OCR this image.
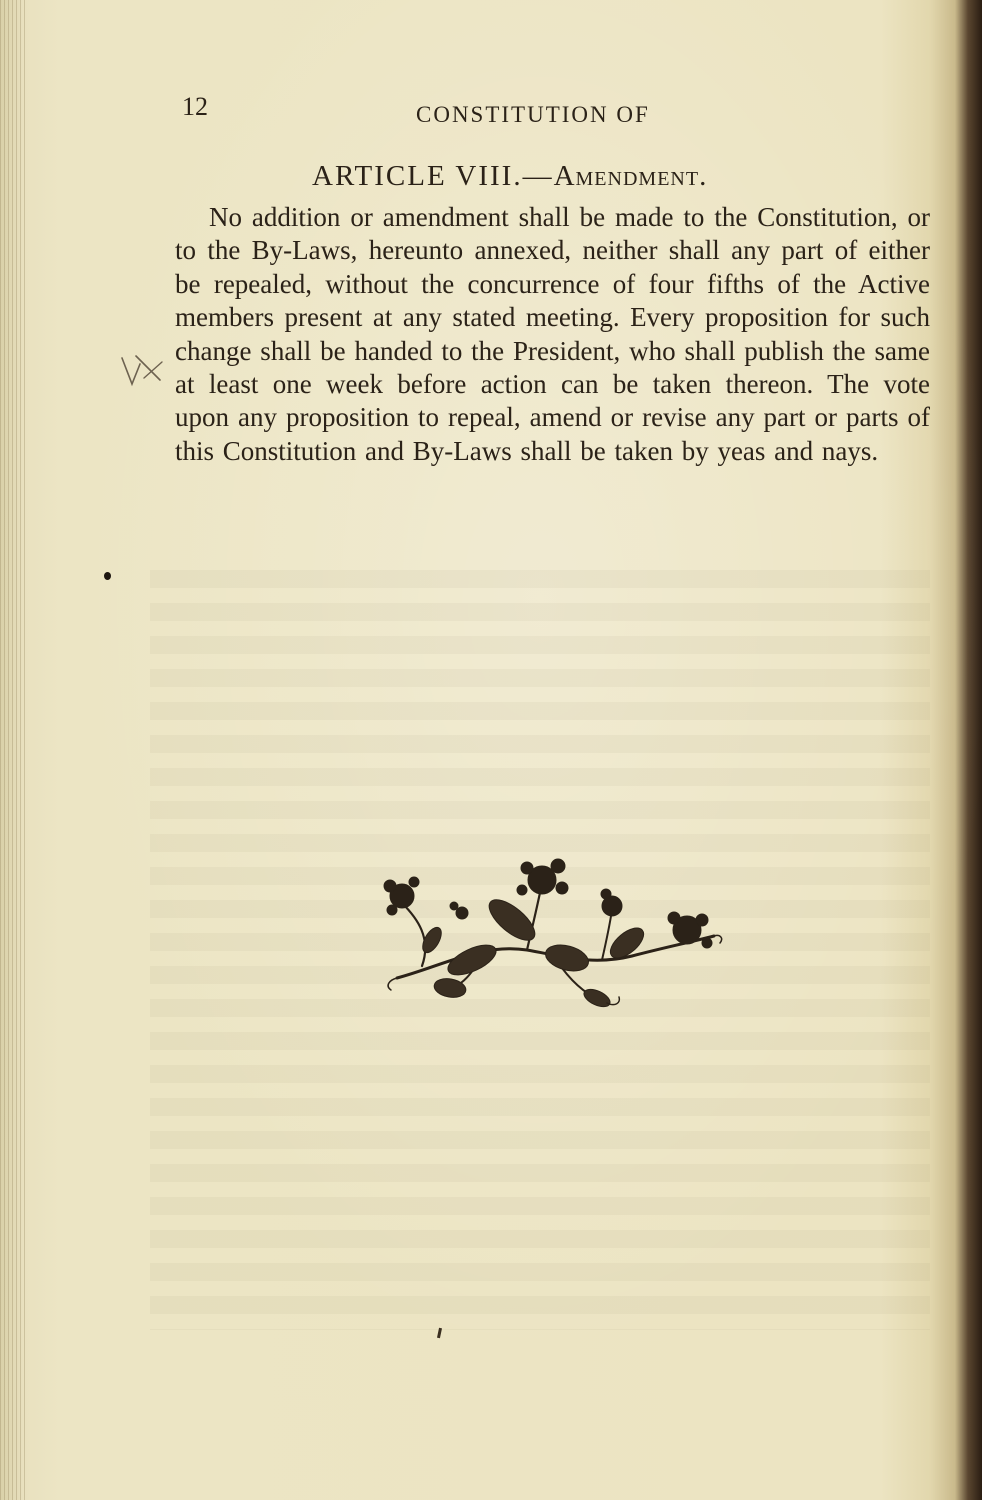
12	CONSTITUTION OF
ARTICLE VIII.—Amendment.

No addition or amendment shall be made to the Constitution, or to the By-Laws, hereunto annexed, neither shall any part of either be repealed, without the concurrence of four fifths of the Active members present at any stated meeting. Every proposition for such change shall be handed to the President, who shall publish the same at least one week before action can be taken thereon. The vote upon any proposition to repeal, amend or revise any part or parts of this Constitution and By-Laws shall be taken by yeas and nays.
